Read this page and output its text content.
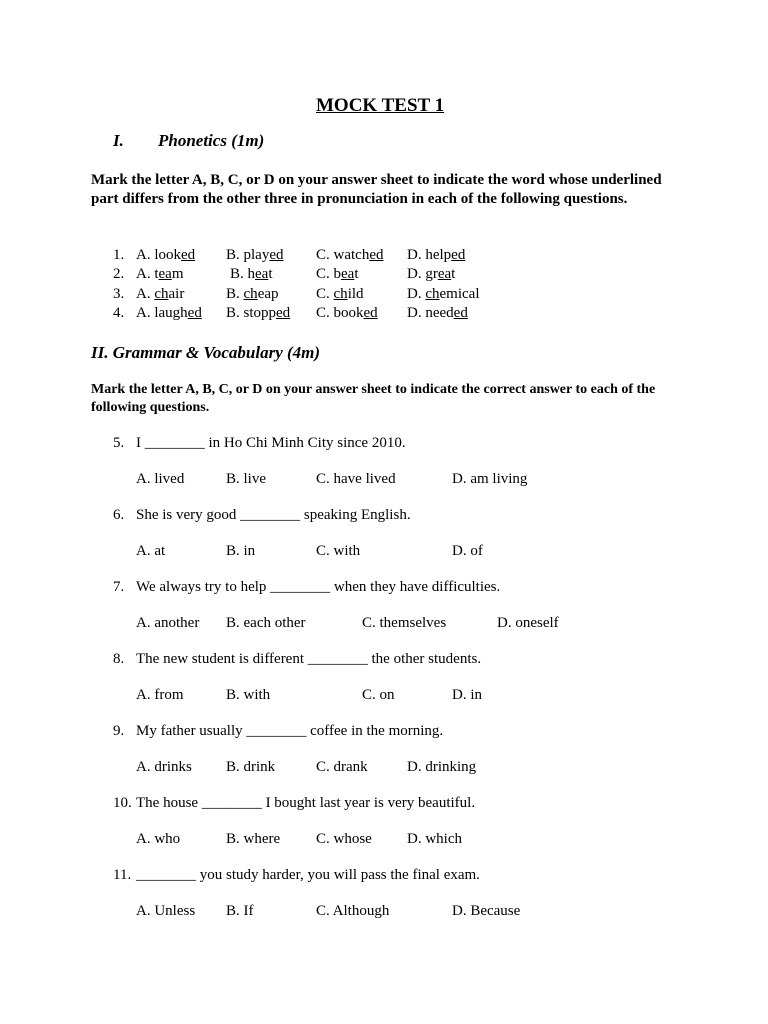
MOCK TEST 1
I. Phonetics (1m)
Mark the letter A, B, C, or D on your answer sheet to indicate the word whose underlined part differs from the other three in pronunciation in each of the following questions.
1. A. looked B. played C. watched D. helped
2. A. team	B. heat	C. beat	D. great
3. A. chair	B. cheap C. child	D. chemical
4. A. laughed B. stopped C. booked D. needed
II. Grammar & Vocabulary (4m)
Mark the letter A, B, C, or D on your answer sheet to indicate the correct answer to each of the following questions.
5. I ________ in Ho Chi Minh City since 2010.
A. lived	B. live	C. have lived	D. am living
6. She is very good ________ speaking English.
A. at	B. in	C. with	D. of
7. We always try to help ________ when they have difficulties.
A. another B. each other	C. themselves	D. oneself
8. The new student is different ________ the other students.
A. from	B. with	C. on	D. in
9. My father usually ________ coffee in the morning.
A. drinks B. drink	C. drank	D. drinking
10. The house ________ I bought last year is very beautiful.
A. who	B. where C. whose D. which
11. ________ you study harder, you will pass the final exam.
A. Unless B. If	C. Although	D. Because
